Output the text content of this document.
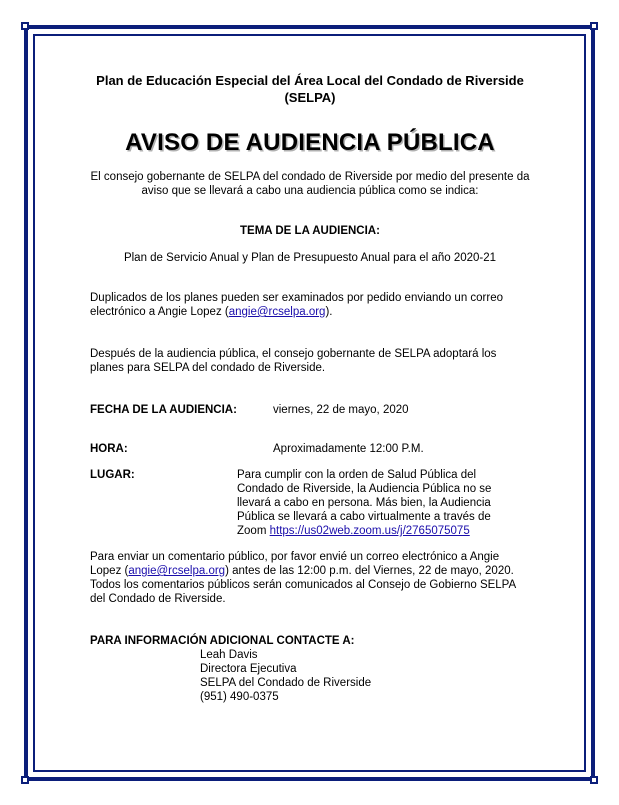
Plan de Educación Especial del Área Local del Condado de Riverside (SELPA)
AVISO DE AUDIENCIA PÚBLICA
El consejo gobernante de SELPA del condado de Riverside por medio del presente da aviso que se llevará a cabo una audiencia pública como se indica:
TEMA DE LA AUDIENCIA:
Plan de Servicio Anual y Plan de Presupuesto Anual para el año 2020-21

Duplicados de los planes pueden ser examinados por pedido enviando un correo electrónico a Angie Lopez (angie@rcselpa.org).

Después de la audiencia pública, el consejo gobernante de SELPA adoptará los planes para SELPA del condado de Riverside.

FECHA DE LA AUDIENCIA:	viernes, 22 de mayo, 2020
HORA:	Aproximadamente 12:00 P.M.
LUGAR:	Para cumplir con la orden de Salud Pública del Condado de Riverside, la Audiencia Pública no se llevará a cabo en persona. Más bien, la Audiencia Pública se llevará a cabo virtualmente a través de Zoom https://us02web.zoom.us/j/2765075075

Para enviar un comentario público, por favor envié un correo electrónico a Angie Lopez (angie@rcselpa.org) antes de las 12:00 p.m. del Viernes, 22 de mayo, 2020. Todos los comentarios públicos serán comunicados al Consejo de Gobierno SELPA del Condado de Riverside.

PARA INFORMACIÓN ADICIONAL CONTACTE A:
Leah Davis
Directora Ejecutiva
SELPA del Condado de Riverside
(951) 490-0375
